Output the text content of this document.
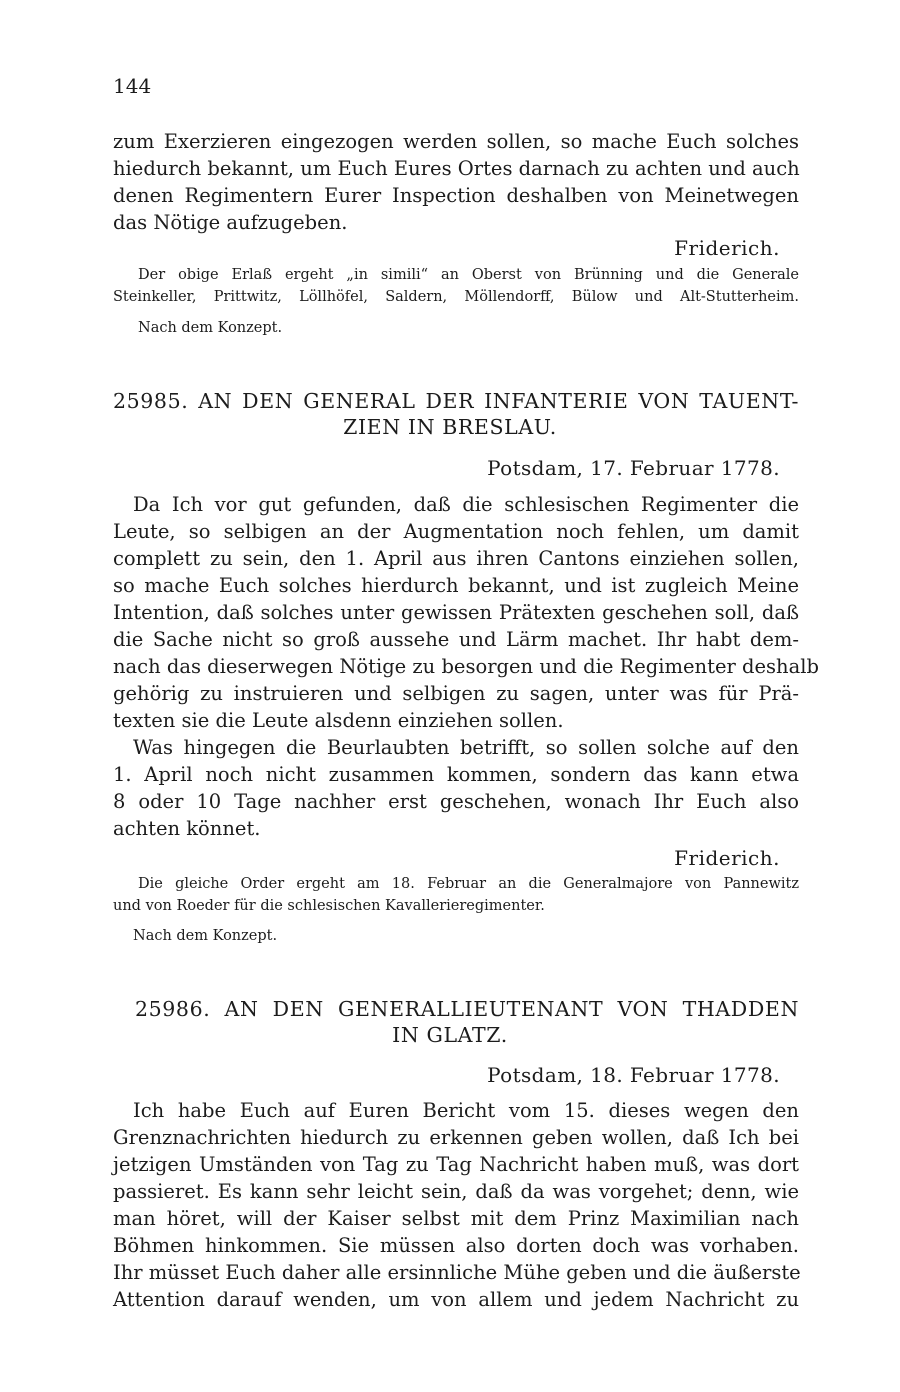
144
zum Exerzieren eingezogen werden sollen, so mache Euch solches
hiedurch bekannt, um Euch Eures Ortes darnach zu achten und auch
denen Regimentern Eurer Inspection deshalben von Meinetwegen
das Nötige aufzugeben.
Friderich.
Der obige Erlaß ergeht „in simili“ an Oberst von Brünning und die Generale
Steinkeller, Prittwitz, Löllhöfel, Saldern, Möllendorff, Bülow und Alt-Stutterheim.
Nach dem Konzept.
25985. AN DEN GENERAL DER INFANTERIE VON TAUENT-
ZIEN IN BRESLAU.
Potsdam, 17. Februar 1778.
Da Ich vor gut gefunden, daß die schlesischen Regimenter die
Leute, so selbigen an der Augmentation noch fehlen, um damit
complett zu sein, den 1. April aus ihren Cantons einziehen sollen,
so mache Euch solches hierdurch bekannt, und ist zugleich Meine
Intention, daß solches unter gewissen Prätexten geschehen soll, daß
die Sache nicht so groß aussehe und Lärm machet. Ihr habt dem-
nach das dieserwegen Nötige zu besorgen und die Regimenter deshalb
gehörig zu instruieren und selbigen zu sagen, unter was für Prä-
texten sie die Leute alsdenn einziehen sollen.
Was hingegen die Beurlaubten betrifft, so sollen solche auf den
1. April noch nicht zusammen kommen, sondern das kann etwa
8 oder 10 Tage nachher erst geschehen, wonach Ihr Euch also
achten könnet.
Friderich.
Die gleiche Order ergeht am 18. Februar an die Generalmajore von Pannewitz
und von Roeder für die schlesischen Kavallerieregimenter.
Nach dem Konzept.
25986. AN DEN GENERALLIEUTENANT VON THADDEN
IN GLATZ.
Potsdam, 18. Februar 1778.
Ich habe Euch auf Euren Bericht vom 15. dieses wegen den
Grenznachrichten hiedurch zu erkennen geben wollen, daß Ich bei
jetzigen Umständen von Tag zu Tag Nachricht haben muß, was dort
passieret. Es kann sehr leicht sein, daß da was vorgehet; denn, wie
man höret, will der Kaiser selbst mit dem Prinz Maximilian nach
Böhmen hinkommen. Sie müssen also dorten doch was vorhaben.
Ihr müsset Euch daher alle ersinnliche Mühe geben und die äußerste
Attention darauf wenden, um von allem und jedem Nachricht zu
